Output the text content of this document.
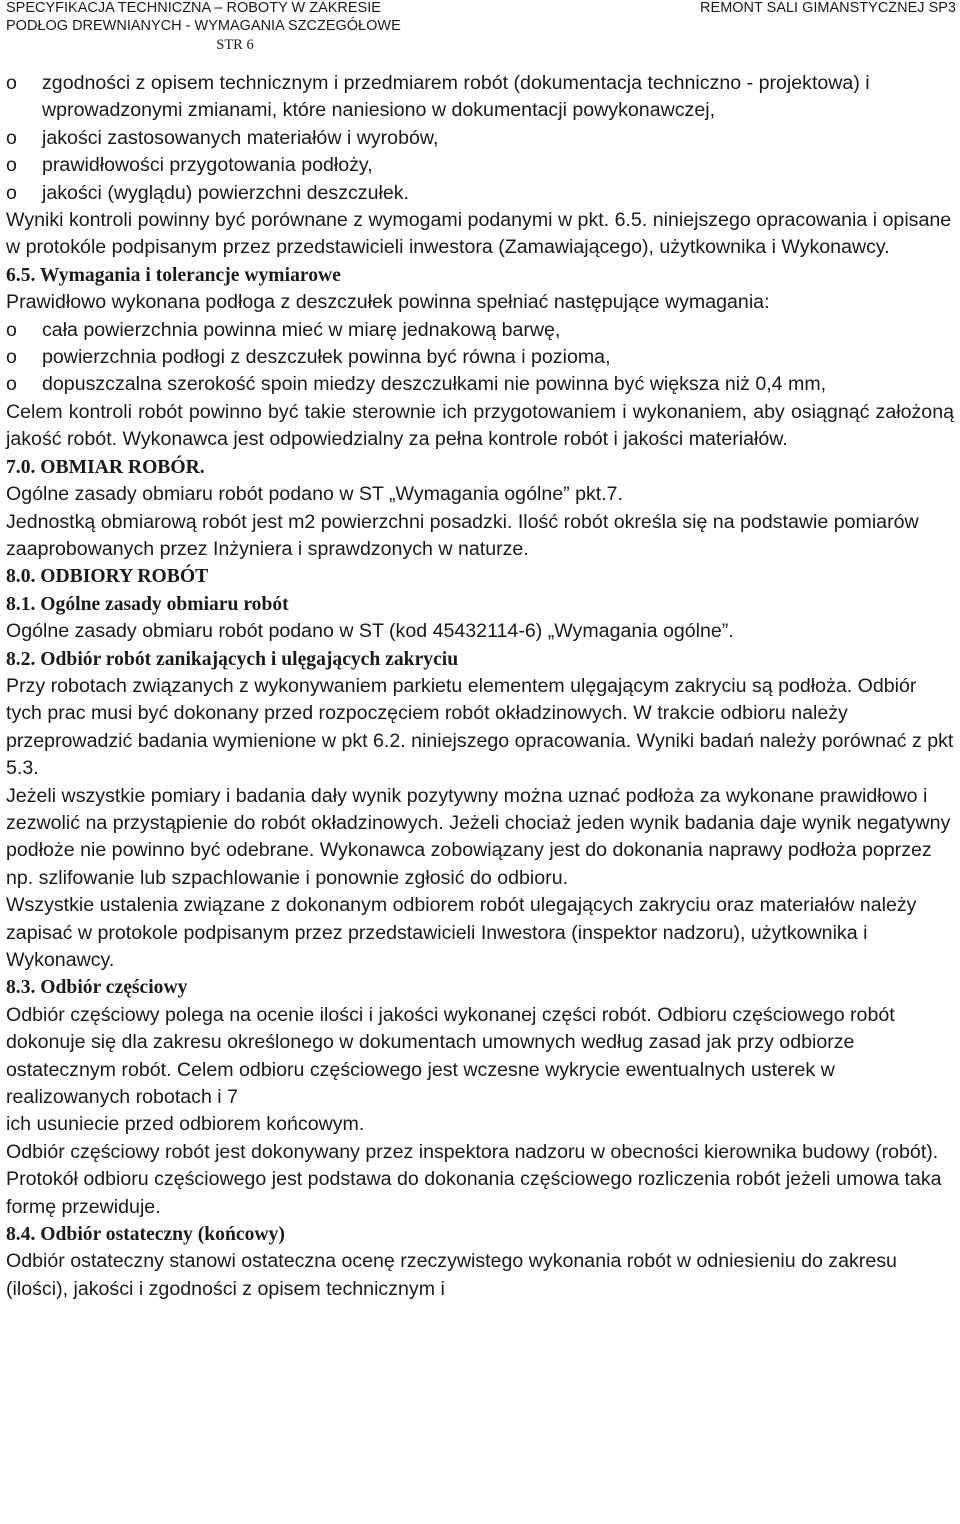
SPECYFIKACJA TECHNICZNA – ROBOTY W ZAKRESIE
PODŁOG DREWNIANYCH - WYMAGANIA SZCZEGÓŁOWE
STR 6
REMONT SALI GIMANSTYCZNEJ SP3
o zgodności z opisem technicznym i przedmiarem robót (dokumentacja techniczno - projektowa) i wprowadzonymi zmianami, które naniesiono w dokumentacji powykonawczej,
o jakości zastosowanych materiałów i wyrobów,
o prawidłowości przygotowania podłoży,
o jakości (wyglądu) powierzchni deszczułek.
Wyniki kontroli powinny być porównane z wymogami podanymi w pkt. 6.5. niniejszego opracowania i opisane w protokóle podpisanym przez przedstawicieli inwestora (Zamawiającego), użytkownika i Wykonawcy.
6.5. Wymagania i tolerancje wymiarowe
Prawidłowo wykonana podłoga z deszczułek powinna spełniać następujące wymagania:
o cała powierzchnia powinna mieć w miarę jednakową barwę,
o powierzchnia podłogi z deszczułek powinna być równa i pozioma,
o dopuszczalna szerokość spoin miedzy deszczułkami nie powinna być większa niż 0,4 mm,
Celem kontroli robót powinno być takie sterownie ich przygotowaniem i wykonaniem, aby osiągnąć założoną jakość robót. Wykonawca jest odpowiedzialny za pełna kontrole robót i jakości materiałów.
7.0. OBMIAR ROBÓR.
Ogólne zasady obmiaru robót podano w ST „Wymagania ogólne” pkt.7.
Jednostką obmiarową robót jest m2 powierzchni posadzki. Ilość robót określa się na podstawie pomiarów zaaprobowanych przez Inżyniera i sprawdzonych w naturze.
8.0. ODBIORY ROBÓT
8.1. Ogólne zasady obmiaru robót
Ogólne zasady obmiaru robót podano w ST (kod 45432114-6) „Wymagania ogólne”.
8.2. Odbiór robót zanikających i ulęgających zakryciu
Przy robotach związanych z wykonywaniem parkietu elementem ulęgającym zakryciu są podłoża. Odbiór tych prac musi być dokonany przed rozpoczęciem robót okładzinowych. W trakcie odbioru należy przeprowadzić badania wymienione w pkt 6.2. niniejszego opracowania. Wyniki badań należy porównać z pkt 5.3.
Jeżeli wszystkie pomiary i badania dały wynik pozytywny można uznać podłoża za wykonane prawidłowo i zezwolić na przystąpienie do robót okładzinowych. Jeżeli chociaż jeden wynik badania daje wynik negatywny podłoże nie powinno być odebrane. Wykonawca zobowiązany jest do dokonania naprawy podłoża poprzez np. szlifowanie lub szpachlowanie i ponownie zgłosić do odbioru.
Wszystkie ustalenia związane z dokonanym odbiorem robót ulegających zakryciu oraz materiałów należy zapisać w protokole podpisanym przez przedstawicieli Inwestora (inspektor nadzoru), użytkownika i Wykonawcy.
8.3. Odbiór częściowy
Odbiór częściowy polega na ocenie ilości i jakości wykonanej części robót. Odbioru częściowego robót dokonuje się dla zakresu określonego w dokumentach umownych według zasad jak przy odbiorze ostatecznym robót. Celem odbioru częściowego jest wczesne wykrycie ewentualnych usterek w realizowanych robotach i 7
ich usuniecie przed odbiorem końcowym.
Odbiór częściowy robót jest dokonywany przez inspektora nadzoru w obecności kierownika budowy (robót).
Protokół odbioru częściowego jest podstawa do dokonania częściowego rozliczenia robót jeżeli umowa taka formę przewiduje.
8.4. Odbiór ostateczny (końcowy)
Odbiór ostateczny stanowi ostateczna ocenę rzeczywistego wykonania robót w odniesieniu do zakresu (ilości), jakości i zgodności z opisem technicznym i
